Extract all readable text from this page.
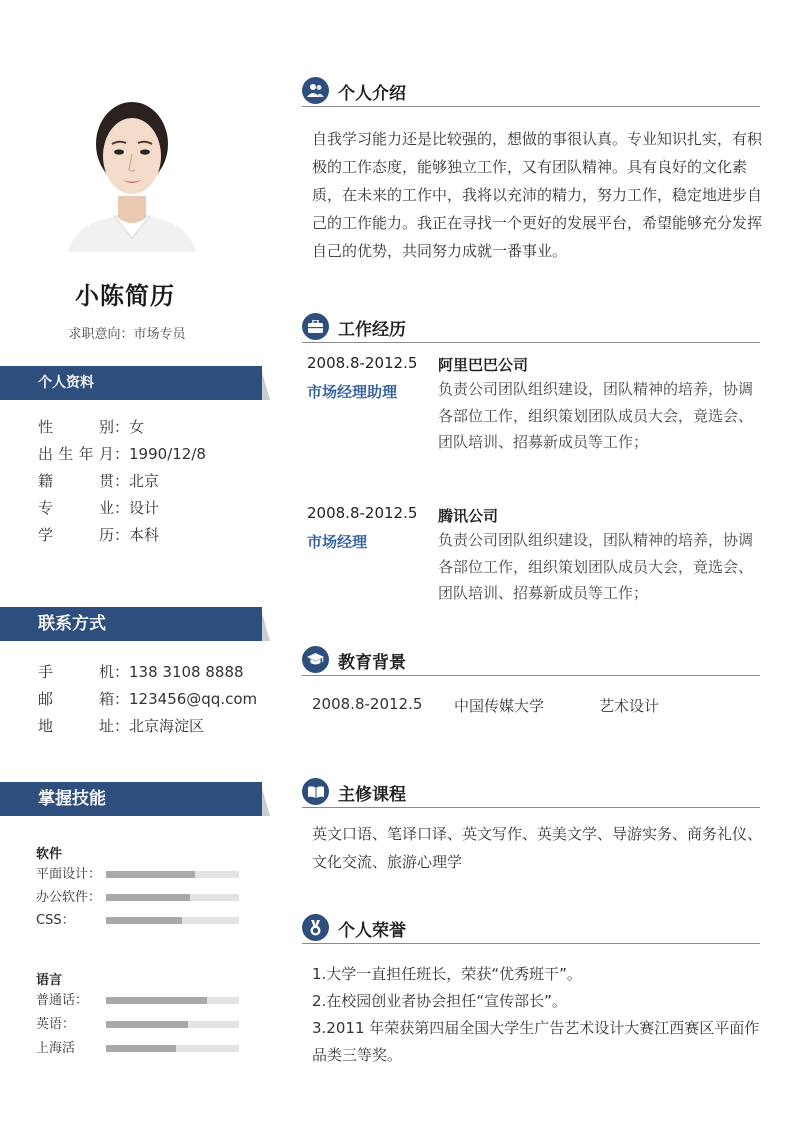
小陈简历
求职意向：市场专员
个人资料
性别 ： 女
出生年月 ： 1990/12/8
籍贯 ： 北京
专业 ： 设计
学历 ： 本科
联系方式
手机 ： 138 3108 8888
邮箱 ： 123456@qq.com
地址 ： 北京海淀区
掌握技能
软件
平面设计：
办公软件：
CSS：
语言
普通话：
英语：
上海活
个人介绍
自我学习能力还是比较强的，想做的事很认真。专业知识扎实，有积极的工作态度，能够独立工作，又有团队精神。具有良好的文化素质，在未来的工作中，我将以充沛的精力，努力工作，稳定地进步自己的工作能力。我正在寻找一个更好的发展平台，希望能够充分发挥自己的优势，共同努力成就一番事业。
工作经历
2008.8-2012.5 阿里巴巴公司
市场经理助理	负责公司团队组织建设，团队精神的培养，协调各部位工作，组织策划团队成员大会，竟选会、团队培训、招募新成员等工作；
2008.8-2012.5 腾讯公司
市场经理	负责公司团队组织建设，团队精神的培养，协调各部位工作，组织策划团队成员大会，竟选会、团队培训、招募新成员等工作；
教育背景
2008.8-2012.5 中国传媒大学	艺术设计
主修课程
英文口语、笔译口译、英文写作、英美文学、导游实务、商务礼仪、文化交流、旅游心理学
个人荣誉
1.大学一直担任班长，荣获“优秀班干”。
2.在校园创业者协会担任“宣传部长”。
3.2011 年荣获第四届全国大学生广告艺术设计大赛江西赛区平面作品类三等奖。
